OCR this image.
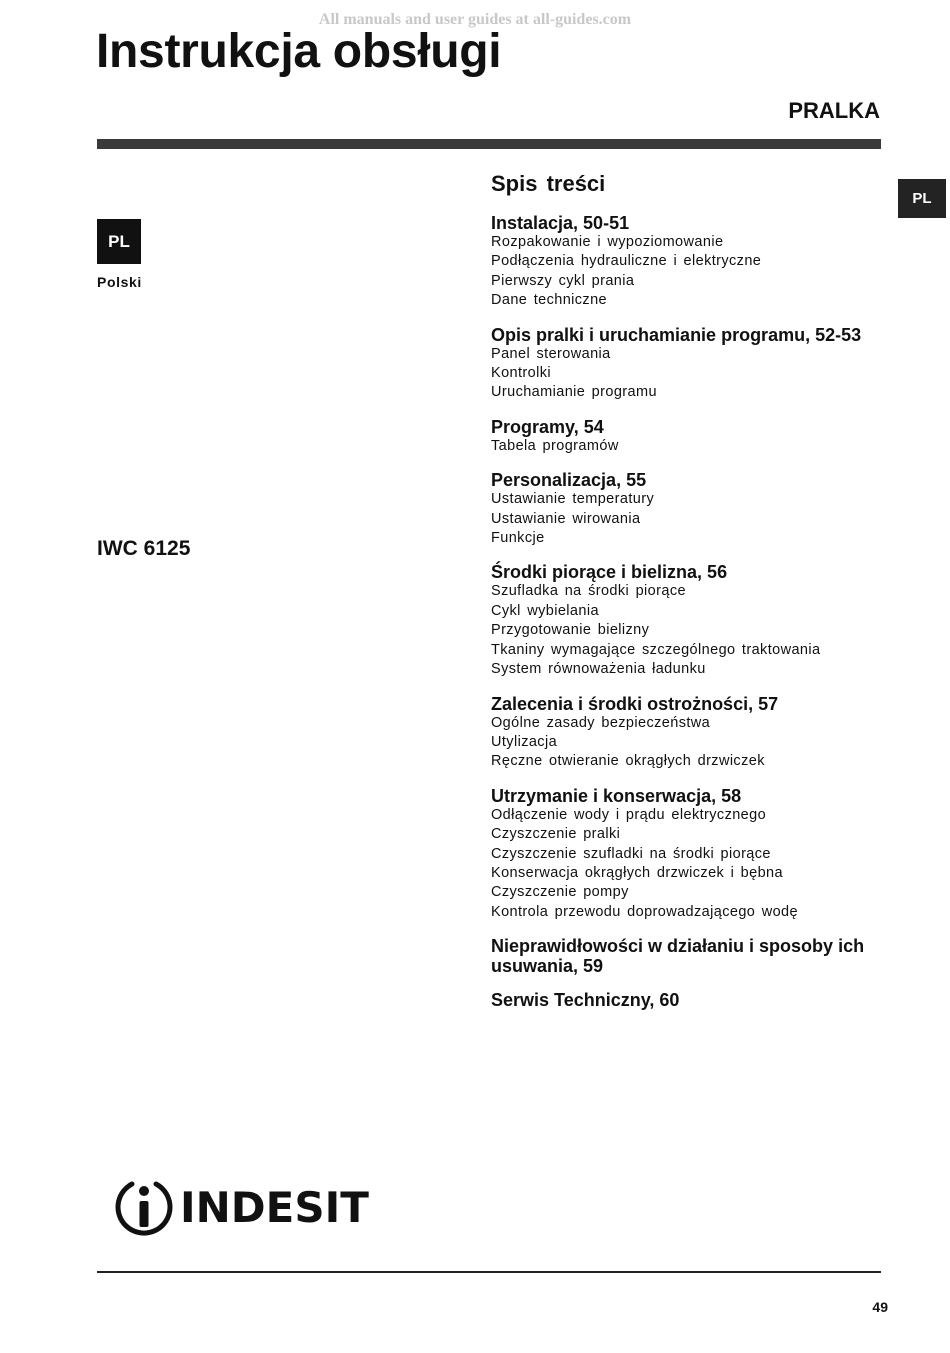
All manuals and user guides at all-guides.com
Instrukcja obsługi
PRALKA
PL
PL
Polski
IWC 6125
Spis treści
Instalacja, 50-51
Rozpakowanie i wypoziomowanie
Podłączenia hydrauliczne i elektryczne
Pierwszy cykl prania
Dane techniczne
Opis pralki i uruchamianie programu, 52-53
Panel sterowania
Kontrolki
Uruchamianie programu
Programy, 54
Tabela programów
Personalizacja, 55
Ustawianie temperatury
Ustawianie wirowania
Funkcje
Środki piorące i bielizna, 56
Szufladka na środki piorące
Cykl wybielania
Przygotowanie bielizny
Tkaniny wymagające szczególnego traktowania
System równoważenia ładunku
Zalecenia i środki ostrożności, 57
Ogólne zasady bezpieczeństwa
Utylizacja
Ręczne otwieranie okrągłych drzwiczek
Utrzymanie i konserwacja, 58
Odłączenie wody i prądu elektrycznego
Czyszczenie pralki
Czyszczenie szufladki na środki piorące
Konserwacja okrągłych drzwiczek i bębna
Czyszczenie pompy
Kontrola przewodu doprowadzającego wodę
Nieprawidłowości w działaniu i sposoby ich usuwania, 59
Serwis Techniczny, 60
INDESIT
49
